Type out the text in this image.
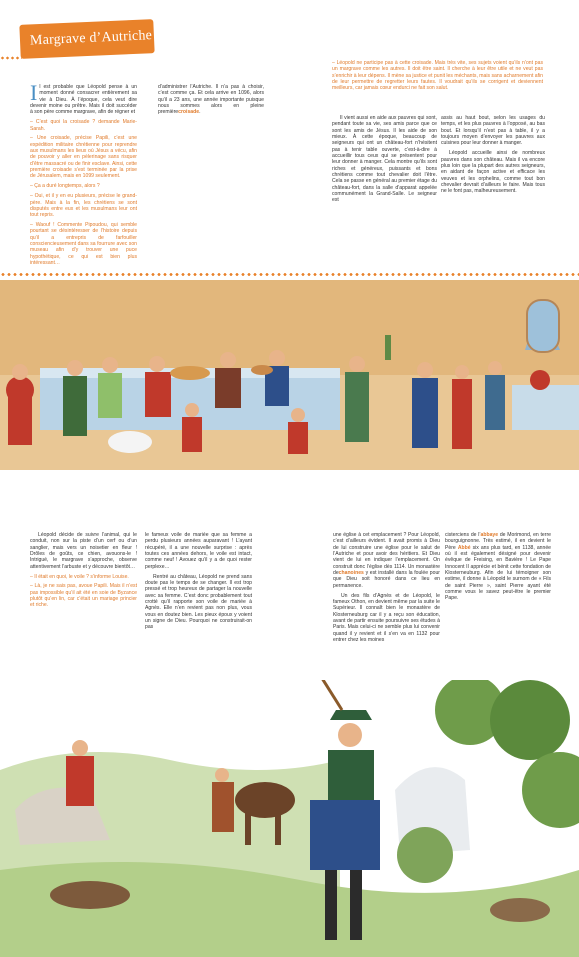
Margrave d’Autriche

Il est probable que Léopold pense à un moment donné consacrer entièrement sa vie à Dieu. À l’époque, cela veut dire devenir moine ou prêtre. Mais il doit succéder à son père comme margrave, afin de régner et

– C’est quoi la croisade ? demande Marie-Sarah.

– Une croisade, précise Papili, c’est une expédition militaire chrétienne pour reprendre aux musulmans les lieux où Jésus a vécu, afin de pouvoir y aller en pèlerinage sans risquer d’être massacré ou de finir esclave. Ainsi, cette première croisade s’est terminée par la prise de Jérusalem, mais en 1099 seulement.

– Ça a duré longtemps, alors ?

– Oui, et il y en eu plusieurs, précise le grand-père. Mais à la fin, les chrétiens se sont disputés entre eux et les musulmans leur ont tout repris.

– Waouf ! Commente Pipoudou, qui semble pourtant se désintéresser de l’histoire depuis qu’il a entrepris de farfouiller consciencieusement dans sa fourrure avec son museau afin d’y trouver une puce hypothétique, ce qui est bien plus intéressant…

d’administrer l’Autriche. Il n’a pas à choisir, c’est comme ça. Et cela arrive en 1096, alors qu’il a 23 ans, une année importante puisque nous sommes alors en pleine premièrecroisade.

– Léopold ne participe pas à cette croisade. Mais très vite, ses sujets voient qu’ils n’ont pas un margrave comme les autres. Il doit être saint. Il cherche à leur être utile et ne veut pas s’enrichir à leur dépens. Il mène sa justice et punit les méchants, mais sans acharnement afin de leur permettre de regretter leurs fautes. Il voudrait qu’ils se corrigent et deviennent meilleurs, car jamais cœur endurci ne fait son salut.

Il vient aussi en aide aux pauvres qui sont, pendant toute sa vie, ses amis parce que ce sont les amis de Jésus. Il les aide de son mieux. À cette époque, beaucoup de seigneurs qui ont un château-fort n’hésitent pas à tenir table ouverte, c’est-à-dire à accueillir tous ceux qui se présentent pour leur donner à manger. Cela montre qu’ils sont riches et généreux, puissants et bons chrétiens comme tout chevalier doit l’être. Cela se passe en général au premier étage du château-fort, dans la salle d’apparat appelée communément la Grand-Salle. Le seigneur est

assis au haut bout, selon les usages du temps, et les plus pauvres à l’opposé, au bas bout. Et lorsqu’il n’est pas à table, il y a toujours moyen d’envoyer les pauvres aux cuisines pour leur donner à manger.

Léopold accueille ainsi de nombreux pauvres dans son château. Mais il va encore plus loin que la plupart des autres seigneurs, en aidant de façon active et efficace les veuves et les orphelins, comme tout bon chevalier devrait d’ailleurs le faire. Mais tous ne le font pas, malheureusement.

Léopold décide de suivre l’animal, qui le conduit, non sur la piste d’un cerf ou d’un sanglier, mais vers un noisetier en fleur ! Drôles de goûts, ce chien, avouons-le ! Intrigué, le margrave s’approche, observe attentivement l’arbuste et y découvre bientôt…

– Il était en quoi, le voile ? s’informe Louise.

– Là, je ne sais pas, avoue Papili. Mais il n’est pas impossible qu’il ait été en soie de Byzance plutôt qu’en lin, car c’était un mariage princier et riche.

le fameux voile de mariée que sa femme a perdu plusieurs années auparavant ! L’ayant récupéré, il a une nouvelle surprise : après toutes ces années dehors, le voile est intact, comme neuf ! Avouez qu’il y a de quoi rester perplexe…

Rentré au château, Léopold ne prend sans doute pas le temps de se changer. Il est trop pressé et trop heureux de partager la nouvelle avec sa femme. C’est donc probablement tout crotté qu’il rapporte son voile de mariée à Agnès. Elle n’en revient pas non plus, vous vous en doutez bien. Les pieux époux y voient un signe de Dieu. Pourquoi ne construirait-on pas

une église à cet emplacement ? Pour Léopold, c’est d’ailleurs évident. Il avait promis à Dieu de lui construire une église pour le salut de l’Autriche et pour avoir des héritiers. Et Dieu vient de lui en indiquer l’emplacement. On construit donc l’église dès 1114. Un monastère dechanoines y est installé dans la foulée pour que Dieu soit honoré dans ce lieu en permanence.

Un des fils d’Agnès et de Léopold, le fameux Othon, en devient même par la suite le Supérieur. Il connaît bien le monastère de Klosterneuburg car il y a reçu son éducation, avant de partir ensuite poursuivre ses études à Paris. Mais celui-ci ne semble plus lui convenir quand il y revient et il s’en va en 1132 pour entrer chez les moines

cisterciens de l’abbaye de Morimond, en terre bourguignonne. Très estimé, il en devient le Père Abbé six ans plus tard, en 1138, année où il est également désigné pour devenir évêque de Freising, en Bavière ! Le Pape Innocent II apprécie et bénit cette fondation de Klosterneuburg. Afin de lui témoigner son estime, il donne à Léopold le surnom de « Fils de saint Pierre », saint Pierre ayant été comme vous le savez peut-être le premier Pape.
